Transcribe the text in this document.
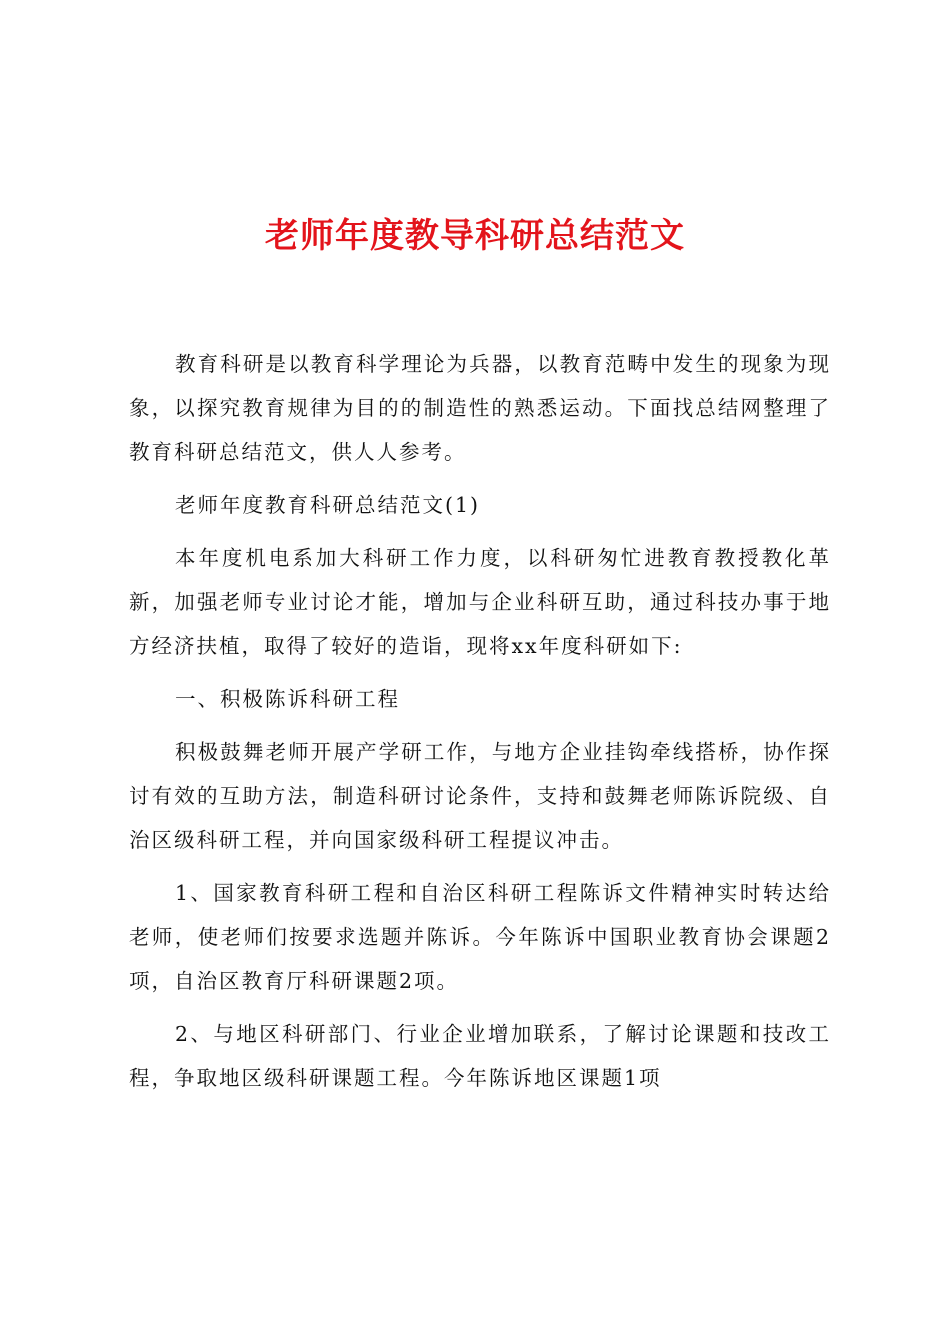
老师年度教导科研总结范文

教育科研是以教育科学理论为兵器，以教育范畴中发生的现象为现象，以探究教育规律为目的的制造性的熟悉运动。下面找总结网整理了教育科研总结范文，供人人参考。

老师年度教育科研总结范文(1)

本年度机电系加大科研工作力度，以科研匆忙进教育教授教化革新，加强老师专业讨论才能，增加与企业科研互助，通过科技办事于地方经济扶植，取得了较好的造诣，现将xx年度科研如下:

一、积极陈诉科研工程

积极鼓舞老师开展产学研工作，与地方企业挂钩牵线搭桥，协作探讨有效的互助方法，制造科研讨论条件，支持和鼓舞老师陈诉院级、自治区级科研工程，并向国家级科研工程提议冲击。

1、国家教育科研工程和自治区科研工程陈诉文件精神实时转达给老师，使老师们按要求选题并陈诉。今年陈诉中国职业教育协会课题2项，自治区教育厅科研课题2项。

2、与地区科研部门、行业企业增加联系，了解讨论课题和技改工程，争取地区级科研课题工程。今年陈诉地区课题1项
